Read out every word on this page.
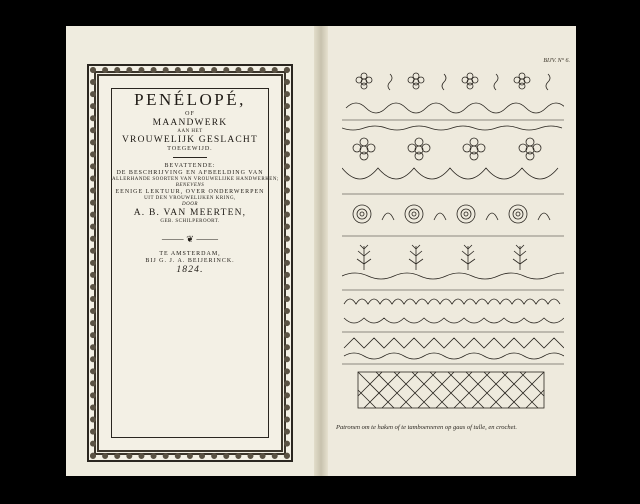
PENÉLOPÉ,
OF
MAANDWERK
AAN HET
VROUWELIJK GESLACHT
TOEGEWIJD.
BEVATTENDE:
DE BESCHRIJVING EN AFBEELDING VAN
ALLERHANDE SOORTEN VAN VROUWELIJKE HANDWERKEN;
BENEVENS
EENIGE LEKTUUR, OVER ONDERWERPEN
UIT DEN VROUWELIJKEN KRING,
DOOR
A. B. VAN MEERTEN,
GEB. SCHILPEROORT.
⸻ ❦ ⸻
TE AMSTERDAM,
BIJ G. J. A. BEIJERINCK.
1824.
BIJV. N° 6.
Patronen om te haken of te tamboereeren op gaas of tulle, en crochet.
